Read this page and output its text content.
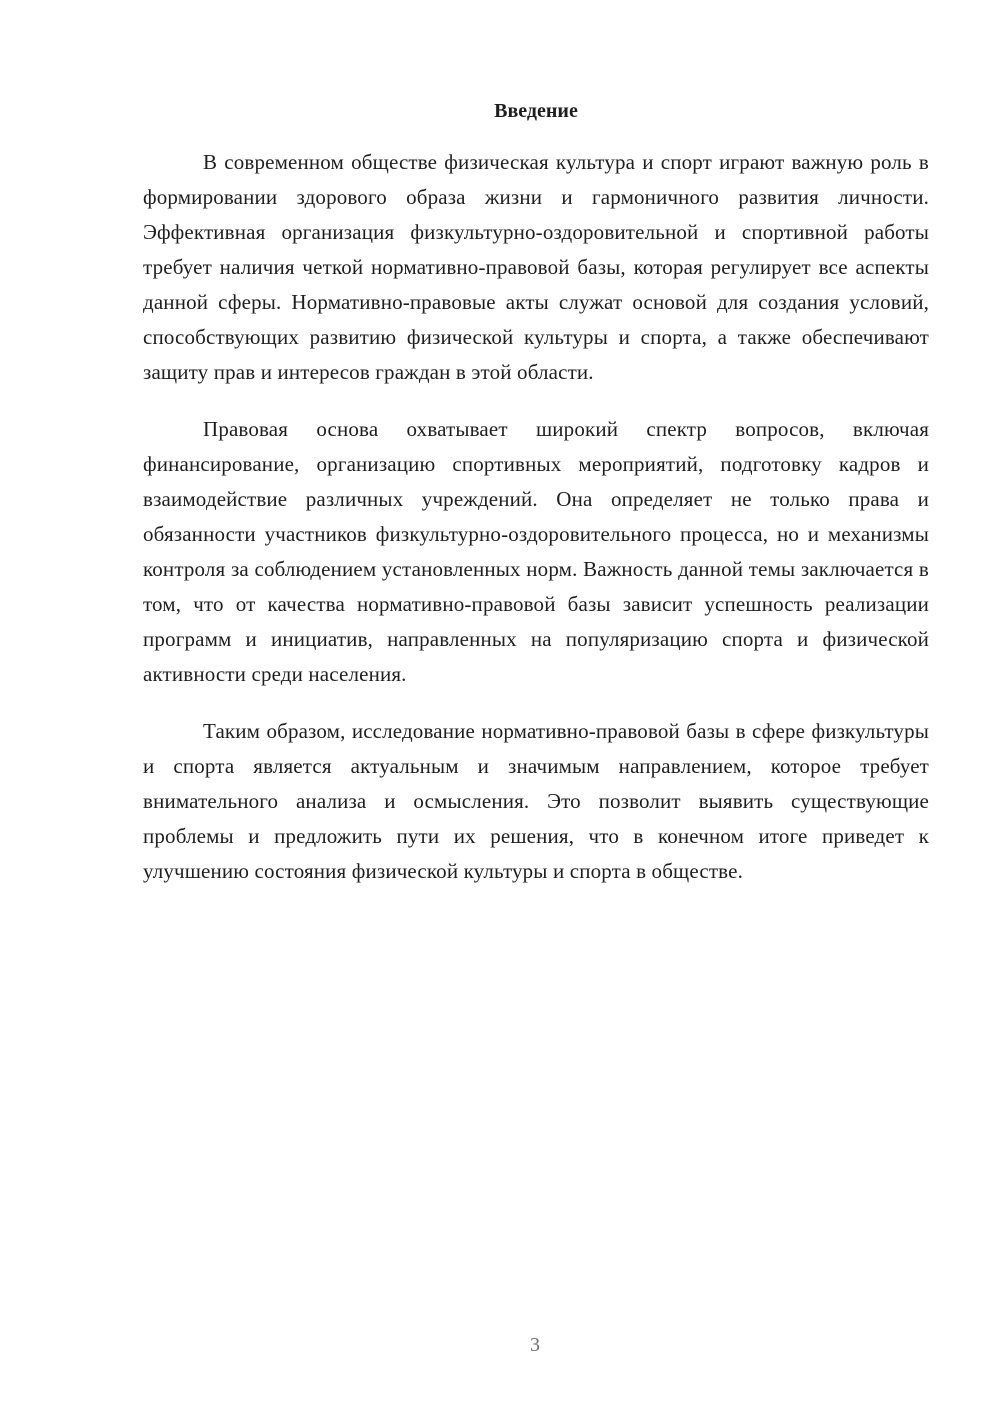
Введение

В современном обществе физическая культура и спорт играют важную роль в формировании здорового образа жизни и гармоничного развития личности. Эффективная организация физкультурно-оздоровительной и спортивной работы требует наличия четкой нормативно-правовой базы, которая регулирует все аспекты данной сферы. Нормативно-правовые акты служат основой для создания условий, способствующих развитию физической культуры и спорта, а также обеспечивают защиту прав и интересов граждан в этой области.

Правовая основа охватывает широкий спектр вопросов, включая финансирование, организацию спортивных мероприятий, подготовку кадров и взаимодействие различных учреждений. Она определяет не только права и обязанности участников физкультурно-оздоровительного процесса, но и механизмы контроля за соблюдением установленных норм. Важность данной темы заключается в том, что от качества нормативно-правовой базы зависит успешность реализации программ и инициатив, направленных на популяризацию спорта и физической активности среди населения.

Таким образом, исследование нормативно-правовой базы в сфере физкультуры и спорта является актуальным и значимым направлением, которое требует внимательного анализа и осмысления. Это позволит выявить существующие проблемы и предложить пути их решения, что в конечном итоге приведет к улучшению состояния физической культуры и спорта в обществе.

3
